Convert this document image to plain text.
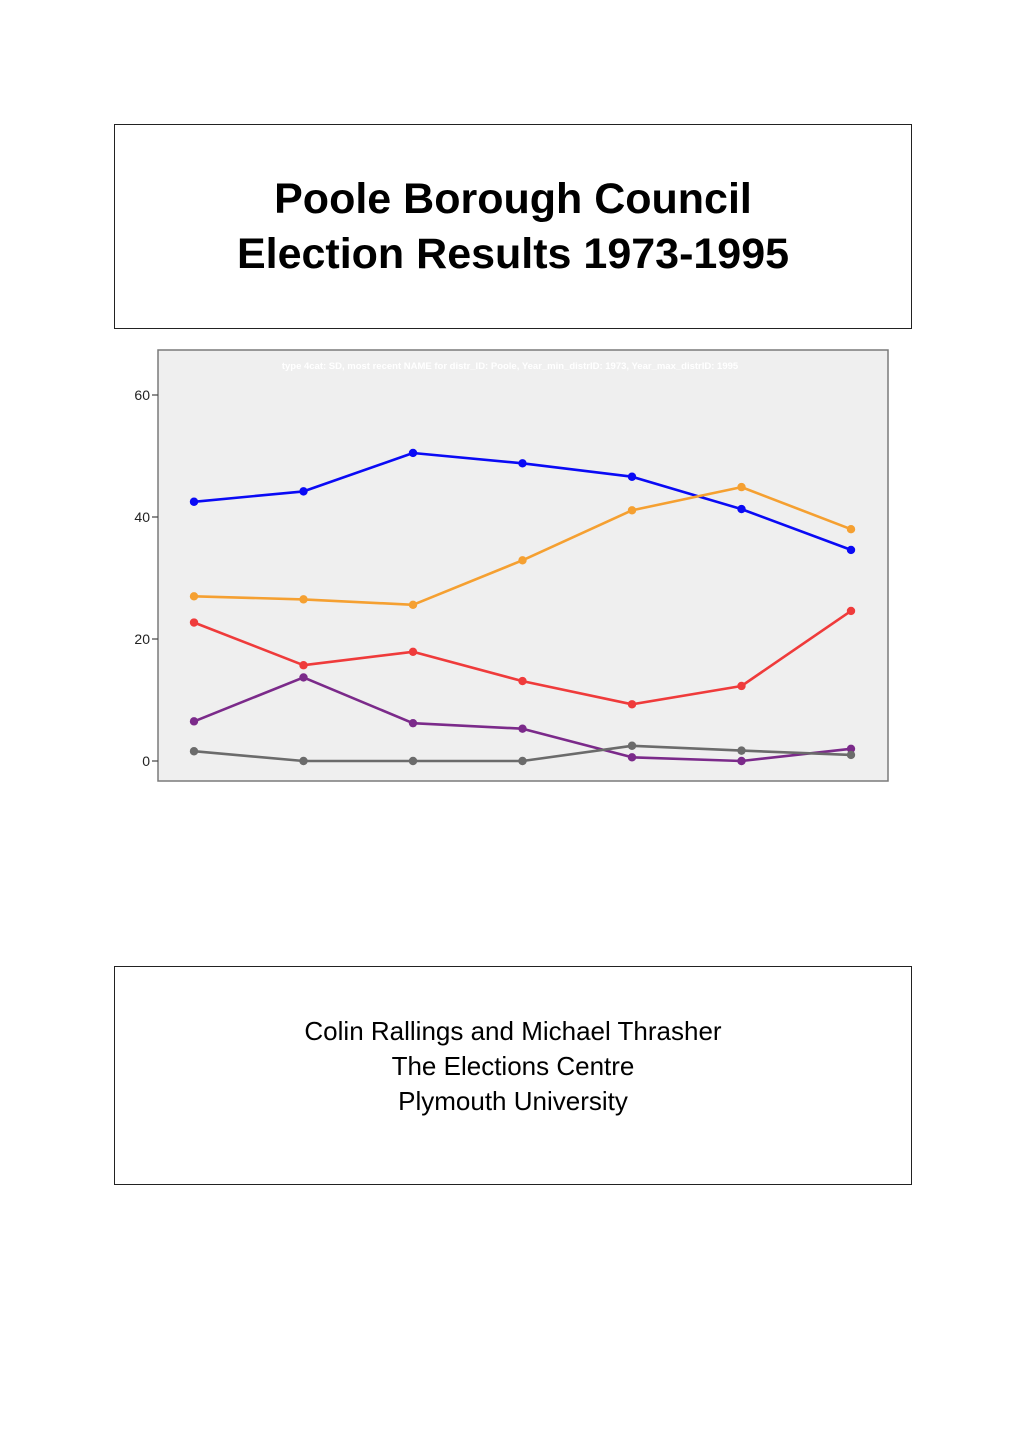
Poole Borough Council
Election Results 1973-1995
type 4cat: SD, most recent NAME for distr_ID: Poole, Year_min_distrID: 1973, Year_max_distrID: 1995
0
20
40
60
Colin Rallings and Michael Thrasher
The Elections Centre
Plymouth University
